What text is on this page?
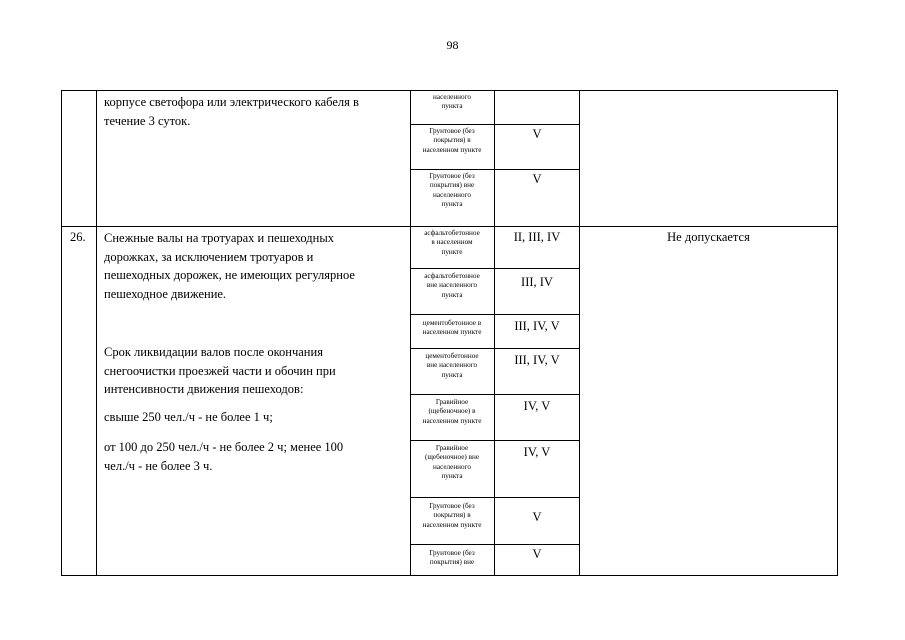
98
корпусе светофора или электрического кабеля в
течение 3 суток.
населенного
пункта
Грунтовое (без
покрытия) в
населенном пункте
V
Грунтовое (без
покрытия) вне
населенного
пункта
V
26. Снежные валы на тротуарах и пешеходных
дорожках, за исключением тротуаров и
пешеходных дорожек, не имеющих регулярное
пешеходное движение.
Срок ликвидации валов после окончания
снегоочистки проезжей части и обочин при
интенсивности движения пешеходов:
свыше 250 чел./ч - не более 1 ч;
от 100 до 250 чел./ч - не более 2 ч; менее 100
чел./ч - не более 3 ч.
Не допускается
асфальтобетонное
в населенном
пункте
II, III, IV
асфальтобетонное
вне населенного
пункта
III, IV
цементобетонное в
населенном пункте	III, IV, V
цементобетонное
вне населенного
пункта
III, IV, V
Гравийное
(щебеночное) в
населенном пункте
IV, V
Гравийное
(щебеночное) вне
населенного
пункта
IV, V
Грунтовое (без
покрытия) в
населенном пункте
V
Грунтовое (без
покрытия) вне
V
